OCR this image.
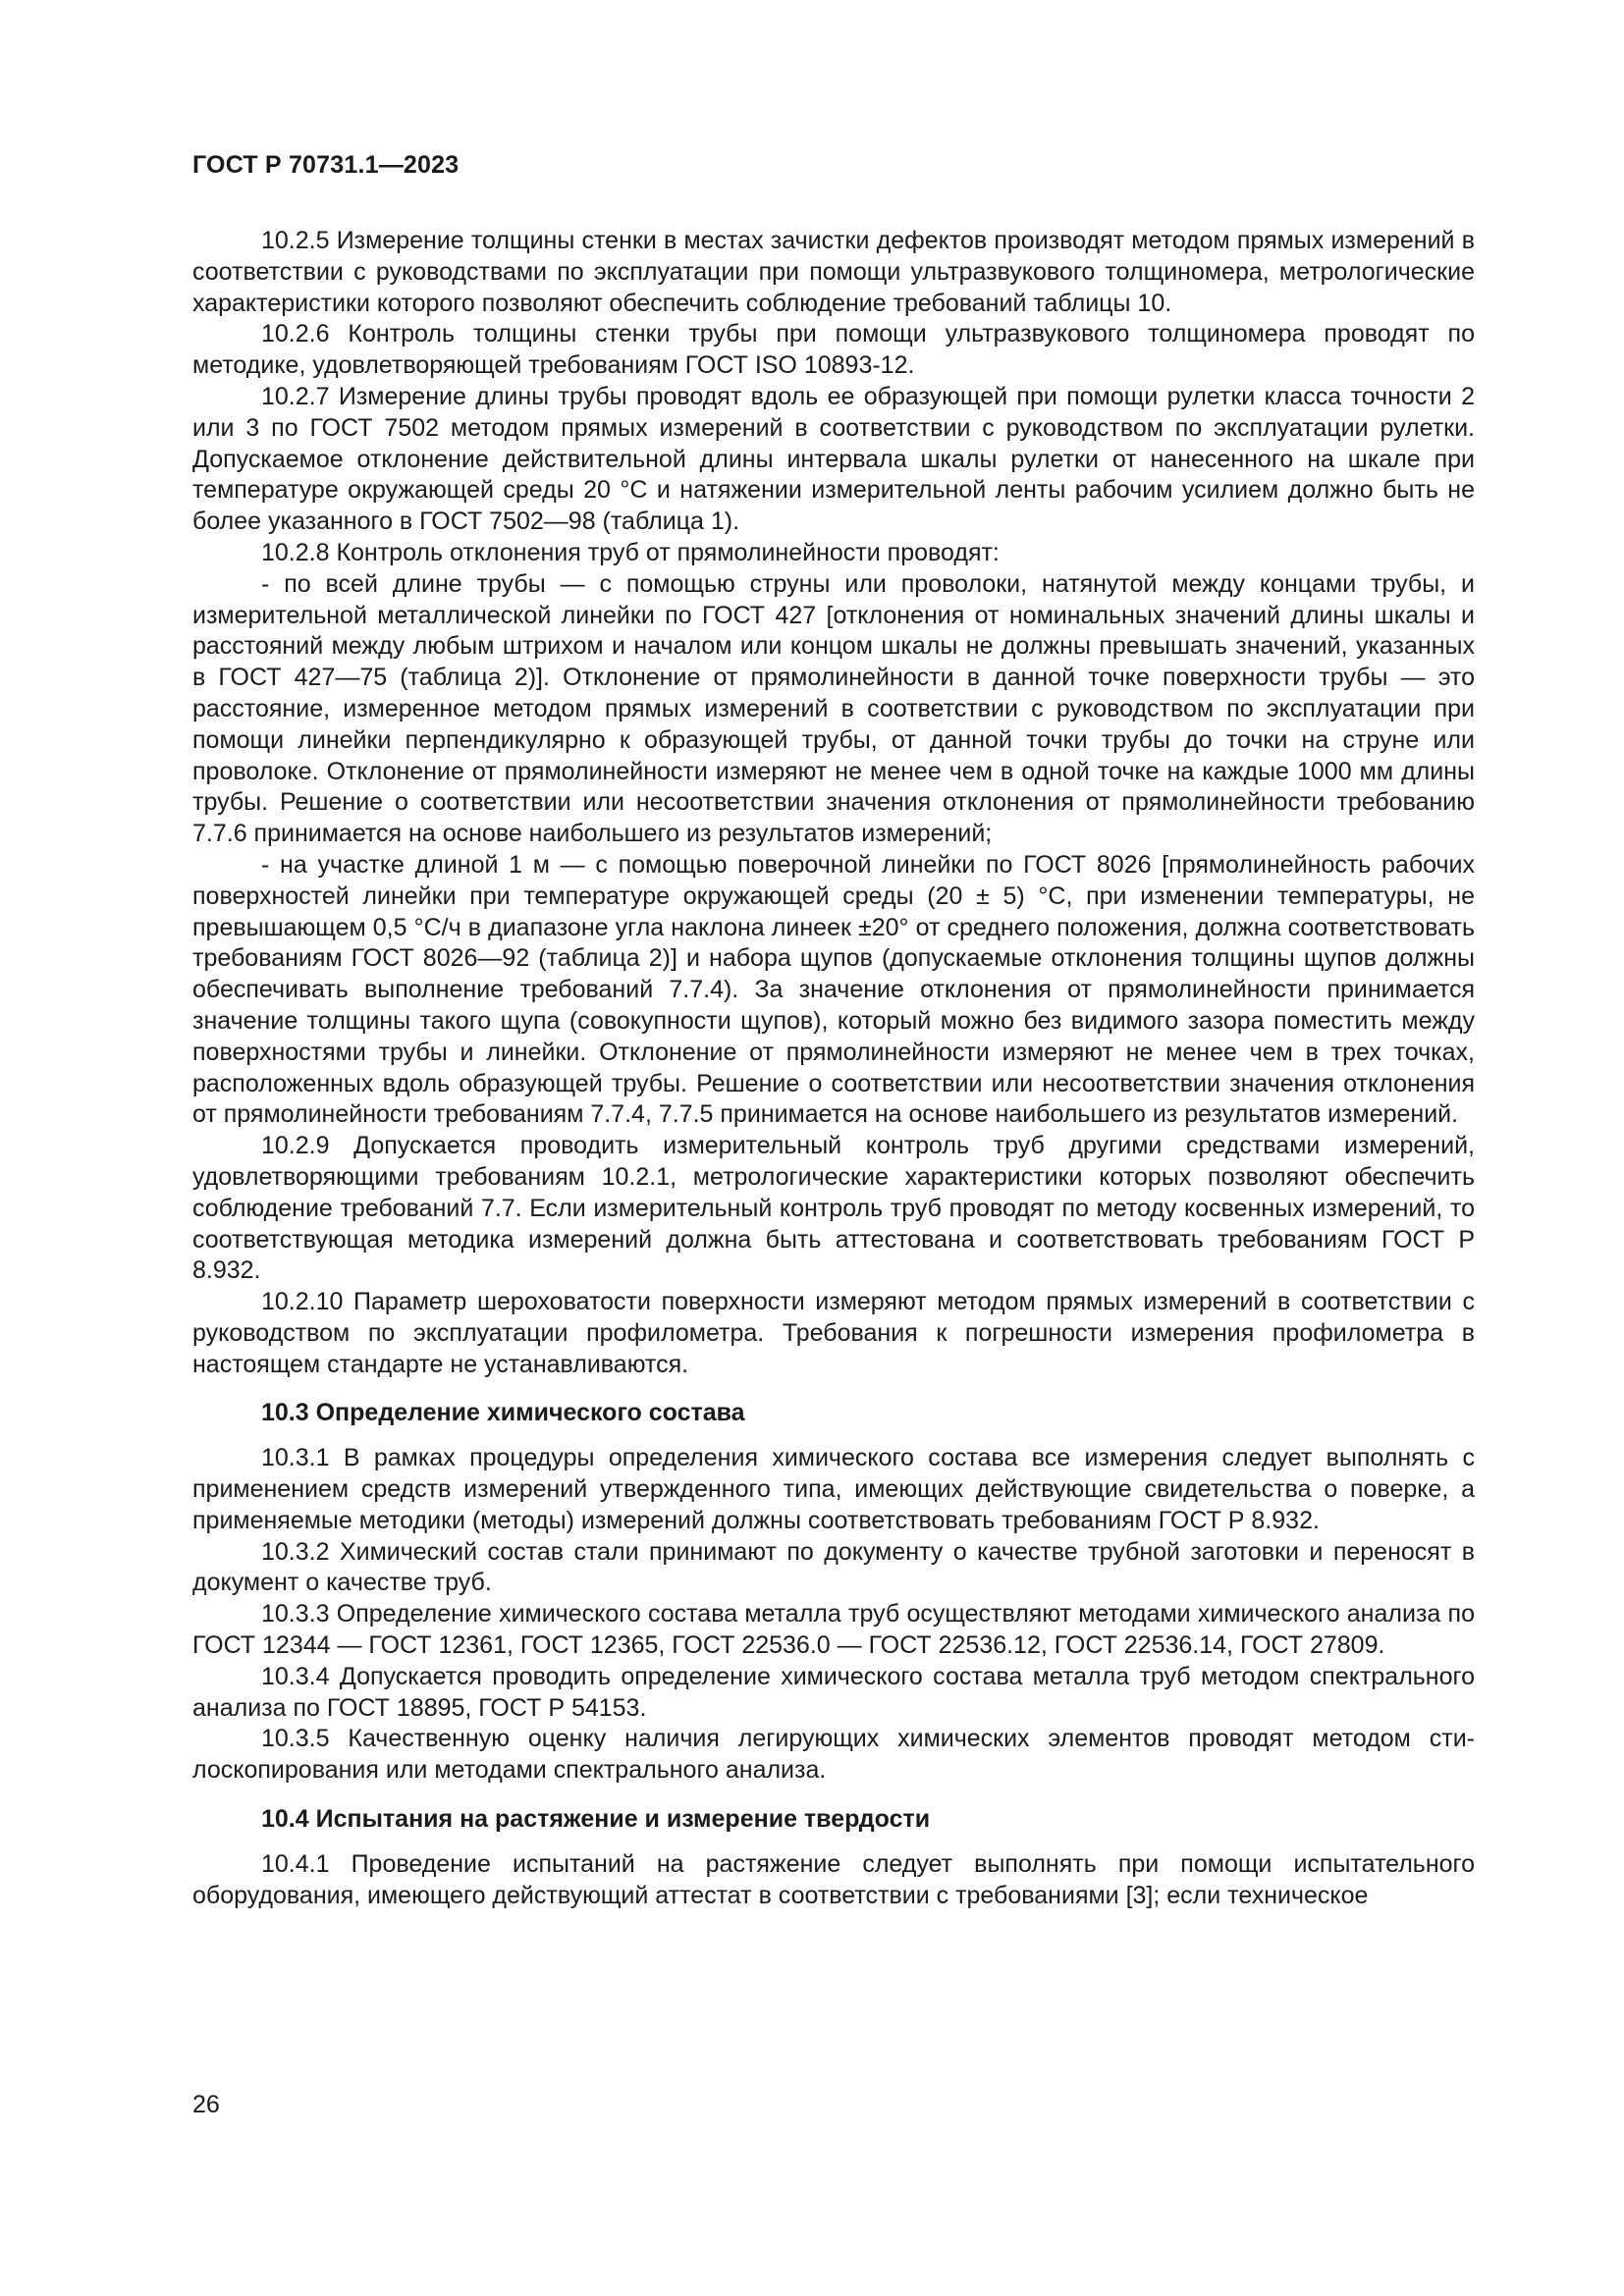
ГОСТ Р 70731.1—2023

10.2.5 Измерение толщины стенки в местах зачистки дефектов производят методом прямых измерений в соответствии с руководствами по эксплуатации при помощи ультразвукового толщиномера, метрологические характеристики которого позволяют обеспечить соблюдение требований таблицы 10.

10.2.6 Контроль толщины стенки трубы при помощи ультразвукового толщиномера проводят по методике, удовлетворяющей требованиям ГОСТ ISO 10893-12.

10.2.7 Измерение длины трубы проводят вдоль ее образующей при помощи рулетки класса точности 2 или 3 по ГОСТ 7502 методом прямых измерений в соответствии с руководством по эксплуатации рулетки. Допускаемое отклонение действительной длины интервала шкалы рулетки от нанесенного на шкале при температуре окружающей среды 20 °С и натяжении измерительной ленты рабочим усилием должно быть не более указанного в ГОСТ 7502—98 (таблица 1).

10.2.8 Контроль отклонения труб от прямолинейности проводят:

- по всей длине трубы — с помощью струны или проволоки, натянутой между концами трубы, и измерительной металлической линейки по ГОСТ 427 [отклонения от номинальных значений длины шкалы и расстояний между любым штрихом и началом или концом шкалы не должны превышать значений, указанных в ГОСТ 427—75 (таблица 2)]. Отклонение от прямолинейности в данной точке поверхности трубы — это расстояние, измеренное методом прямых измерений в соответствии с руководством по эксплуатации при помощи линейки перпендикулярно к образующей трубы, от данной точки трубы до точки на струне или проволоке. Отклонение от прямолинейности измеряют не менее чем в одной точке на каждые 1000 мм длины трубы. Решение о соответствии или несоответствии значения отклонения от прямолинейности требованию 7.7.6 принимается на основе наибольшего из результатов измерений;

- на участке длиной 1 м — с помощью поверочной линейки по ГОСТ 8026 [прямолинейность рабочих поверхностей линейки при температуре окружающей среды (20 ± 5) °С, при изменении температуры, не превышающем 0,5 °С/ч в диапазоне угла наклона линеек ±20° от среднего положения, должна соответствовать требованиям ГОСТ 8026—92 (таблица 2)] и набора щупов (допускаемые отклонения толщины щупов должны обеспечивать выполнение требований 7.7.4). За значение отклонения от прямолинейности принимается значение толщины такого щупа (совокупности щупов), который можно без видимого зазора поместить между поверхностями трубы и линейки. Отклонение от прямолинейности измеряют не менее чем в трех точках, расположенных вдоль образующей трубы. Решение о соответствии или несоответствии значения отклонения от прямолинейности требованиям 7.7.4, 7.7.5 принимается на основе наибольшего из результатов измерений.

10.2.9 Допускается проводить измерительный контроль труб другими средствами измерений, удовлетворяющими требованиям 10.2.1, метрологические характеристики которых позволяют обеспечить соблюдение требований 7.7. Если измерительный контроль труб проводят по методу косвенных измерений, то соответствующая методика измерений должна быть аттестована и соответствовать требованиям ГОСТ Р 8.932.

10.2.10 Параметр шероховатости поверхности измеряют методом прямых измерений в соответствии с руководством по эксплуатации профилометра. Требования к погрешности измерения профилометра в настоящем стандарте не устанавливаются.

10.3 Определение химического состава

10.3.1 В рамках процедуры определения химического состава все измерения следует выполнять с применением средств измерений утвержденного типа, имеющих действующие свидетельства о поверке, а применяемые методики (методы) измерений должны соответствовать требованиям ГОСТ Р 8.932.

10.3.2 Химический состав стали принимают по документу о качестве трубной заготовки и переносят в документ о качестве труб.

10.3.3 Определение химического состава металла труб осуществляют методами химического анализа по ГОСТ 12344 — ГОСТ 12361, ГОСТ 12365, ГОСТ 22536.0 — ГОСТ 22536.12, ГОСТ 22536.14, ГОСТ 27809.

10.3.4 Допускается проводить определение химического состава металла труб методом спектрального анализа по ГОСТ 18895, ГОСТ Р 54153.

10.3.5 Качественную оценку наличия легирующих химических элементов проводят методом стилоскопирования или методами спектрального анализа.

10.4 Испытания на растяжение и измерение твердости

10.4.1 Проведение испытаний на растяжение следует выполнять при помощи испытательного оборудования, имеющего действующий аттестат в соответствии с требованиями [3]; если техническое

26
